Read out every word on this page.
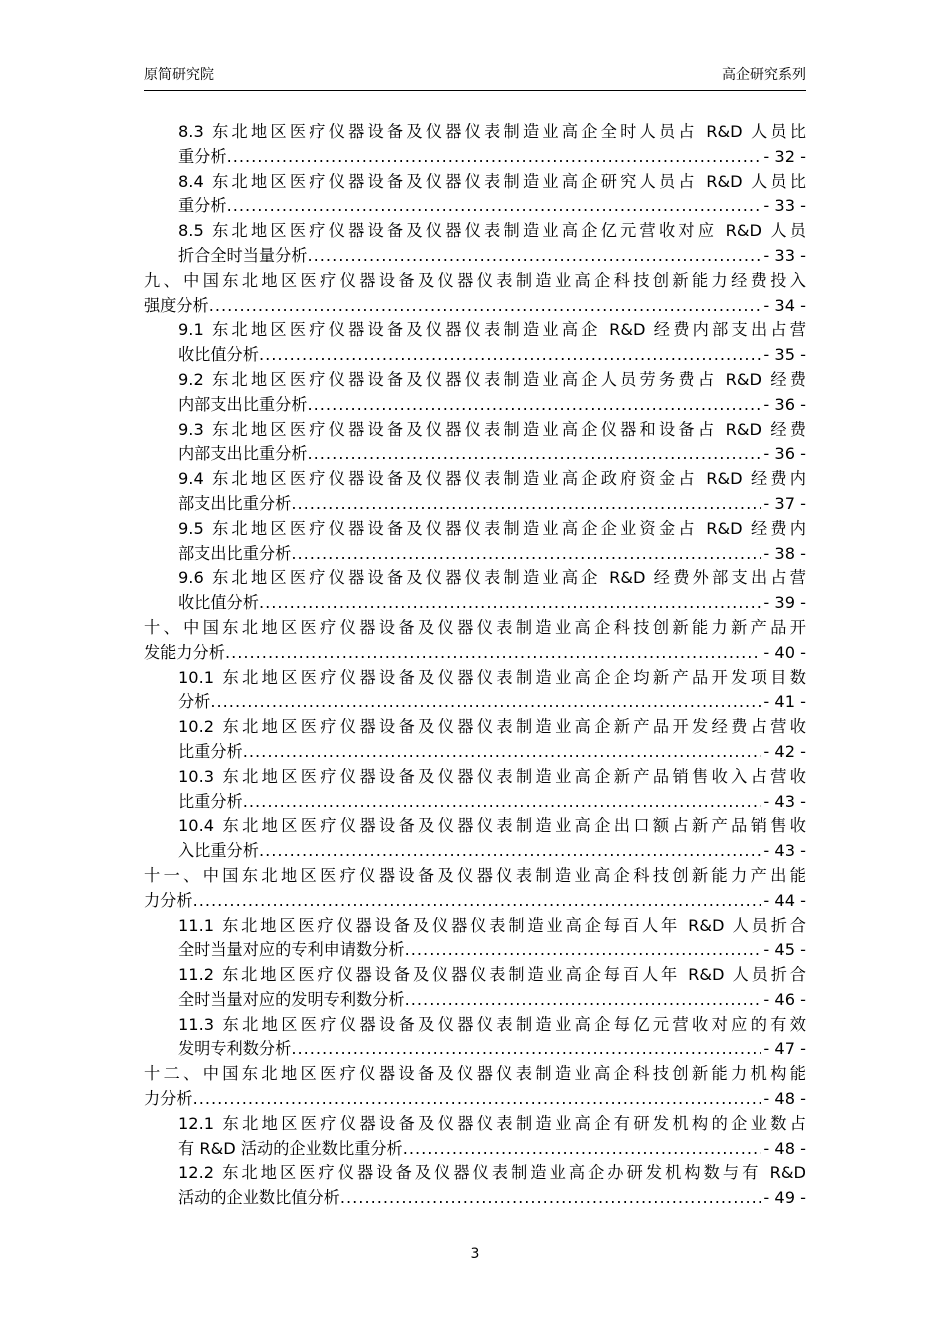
原简研究院	高企研究系列
8.3 东北地区医疗仪器设备及仪器仪表制造业高企全时人员占 R&D 人员比
重分析 .....	- 32 -
8.4 东北地区医疗仪器设备及仪器仪表制造业高企研究人员占 R&D 人员比
重分析 .....	- 33 -
8.5 东北地区医疗仪器设备及仪器仪表制造业高企亿元营收对应 R&D 人员
折合全时当量分析 .....	- 33 -
九、中国东北地区医疗仪器设备及仪器仪表制造业高企科技创新能力经费投入
强度分析 .....	- 34 -
9.1 东北地区医疗仪器设备及仪器仪表制造业高企 R&D 经费内部支出占营
收比值分析 .....	- 35 -
9.2 东北地区医疗仪器设备及仪器仪表制造业高企人员劳务费占 R&D 经费
内部支出比重分析 .....	- 36 -
9.3 东北地区医疗仪器设备及仪器仪表制造业高企仪器和设备占 R&D 经费
内部支出比重分析 .....	- 36 -
9.4 东北地区医疗仪器设备及仪器仪表制造业高企政府资金占 R&D 经费内
部支出比重分析 .....	- 37 -
9.5 东北地区医疗仪器设备及仪器仪表制造业高企企业资金占 R&D 经费内
部支出比重分析 .....	- 38 -
9.6 东北地区医疗仪器设备及仪器仪表制造业高企 R&D 经费外部支出占营
收比值分析 .....	- 39 -
十、中国东北地区医疗仪器设备及仪器仪表制造业高企科技创新能力新产品开
发能力分析 .....	- 40 -
10.1 东北地区医疗仪器设备及仪器仪表制造业高企企均新产品开发项目数
分析 .....	- 41 -
10.2 东北地区医疗仪器设备及仪器仪表制造业高企新产品开发经费占营收
比重分析 .....	- 42 -
10.3 东北地区医疗仪器设备及仪器仪表制造业高企新产品销售收入占营收
比重分析 .....	- 43 -
10.4 东北地区医疗仪器设备及仪器仪表制造业高企出口额占新产品销售收
入比重分析 .....	- 43 -
十一、中国东北地区医疗仪器设备及仪器仪表制造业高企科技创新能力产出能
力分析 .....	- 44 -
11.1 东北地区医疗仪器设备及仪器仪表制造业高企每百人年 R&D 人员折合
全时当量对应的专利申请数分析 .....	- 45 -
11.2 东北地区医疗仪器设备及仪器仪表制造业高企每百人年 R&D 人员折合
全时当量对应的发明专利数分析 .....	- 46 -
11.3 东北地区医疗仪器设备及仪器仪表制造业高企每亿元营收对应的有效
发明专利数分析 .....	- 47 -
十二、中国东北地区医疗仪器设备及仪器仪表制造业高企科技创新能力机构能
力分析 .....	- 48 -
12.1 东北地区医疗仪器设备及仪器仪表制造业高企有研发机构的企业数占
有 R&D 活动的企业数比重分析 .....	- 48 -
12.2 东北地区医疗仪器设备及仪器仪表制造业高企办研发机构数与有 R&D
活动的企业数比值分析 .....	- 49 -
3
